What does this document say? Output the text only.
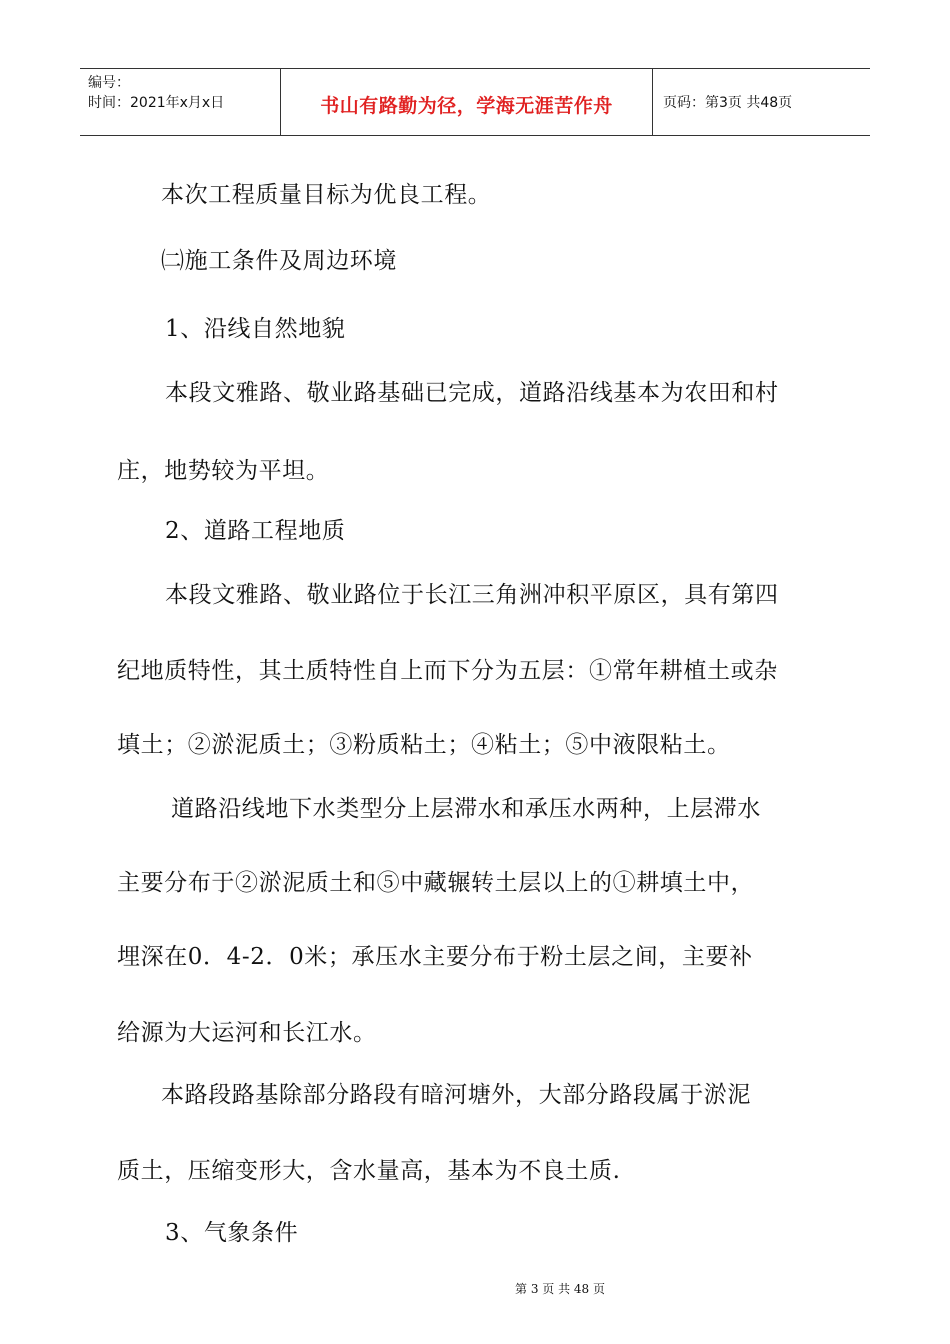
编号：
时间：2021年x月x日	书山有路勤为径，学海无涯苦作舟	页码：第3页 共48页
本次工程质量目标为优良工程。
㈡施工条件及周边环境
1、沿线自然地貌
本段文雅路、敬业路基础已完成，道路沿线基本为农田和村
庄，地势较为平坦。
2、道路工程地质
本段文雅路、敬业路位于长江三角洲冲积平原区，具有第四
纪地质特性，其土质特性自上而下分为五层：①常年耕植土或杂
填土；②淤泥质土；③粉质粘土；④粘土；⑤中液限粘土。
道路沿线地下水类型分上层滞水和承压水两种，上层滞水
主要分布于②淤泥质土和⑤中藏辗转土层以上的①耕填土中，
埋深在0．4-2．0米；承压水主要分布于粉土层之间，主要补
给源为大运河和长江水。
本路段路基除部分路段有暗河塘外，大部分路段属于淤泥
质土，压缩变形大，含水量高，基本为不良土质.
3、气象条件
第 3 页 共 48 页
